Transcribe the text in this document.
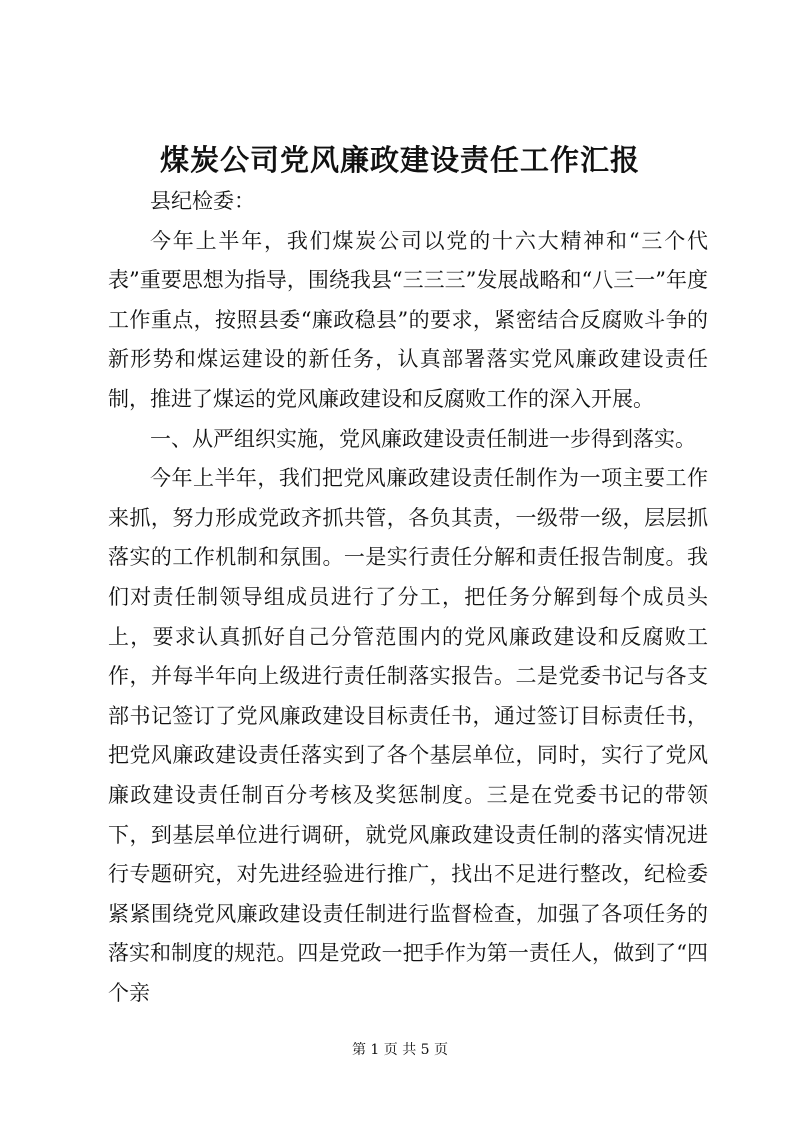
煤炭公司党风廉政建设责任工作汇报

县纪检委：

今年上半年，我们煤炭公司以党的十六大精神和“三个代表”重要思想为指导，围绕我县“三三三”发展战略和“八三一”年度工作重点，按照县委“廉政稳县”的要求，紧密结合反腐败斗争的新形势和煤运建设的新任务，认真部署落实党风廉政建设责任制，推进了煤运的党风廉政建设和反腐败工作的深入开展。

一、从严组织实施，党风廉政建设责任制进一步得到落实。

今年上半年，我们把党风廉政建设责任制作为一项主要工作来抓，努力形成党政齐抓共管，各负其责，一级带一级，层层抓落实的工作机制和氛围。一是实行责任分解和责任报告制度。我们对责任制领导组成员进行了分工，把任务分解到每个成员头上，要求认真抓好自己分管范围内的党风廉政建设和反腐败工作，并每半年向上级进行责任制落实报告。二是党委书记与各支部书记签订了党风廉政建设目标责任书，通过签订目标责任书，把党风廉政建设责任落实到了各个基层单位，同时，实行了党风廉政建设责任制百分考核及奖惩制度。三是在党委书记的带领下，到基层单位进行调研，就党风廉政建设责任制的落实情况进行专题研究，对先进经验进行推广，找出不足进行整改，纪检委紧紧围绕党风廉政建设责任制进行监督检查，加强了各项任务的落实和制度的规范。四是党政一把手作为第一责任人，做到了“四个亲

第 1 页 共 5 页
